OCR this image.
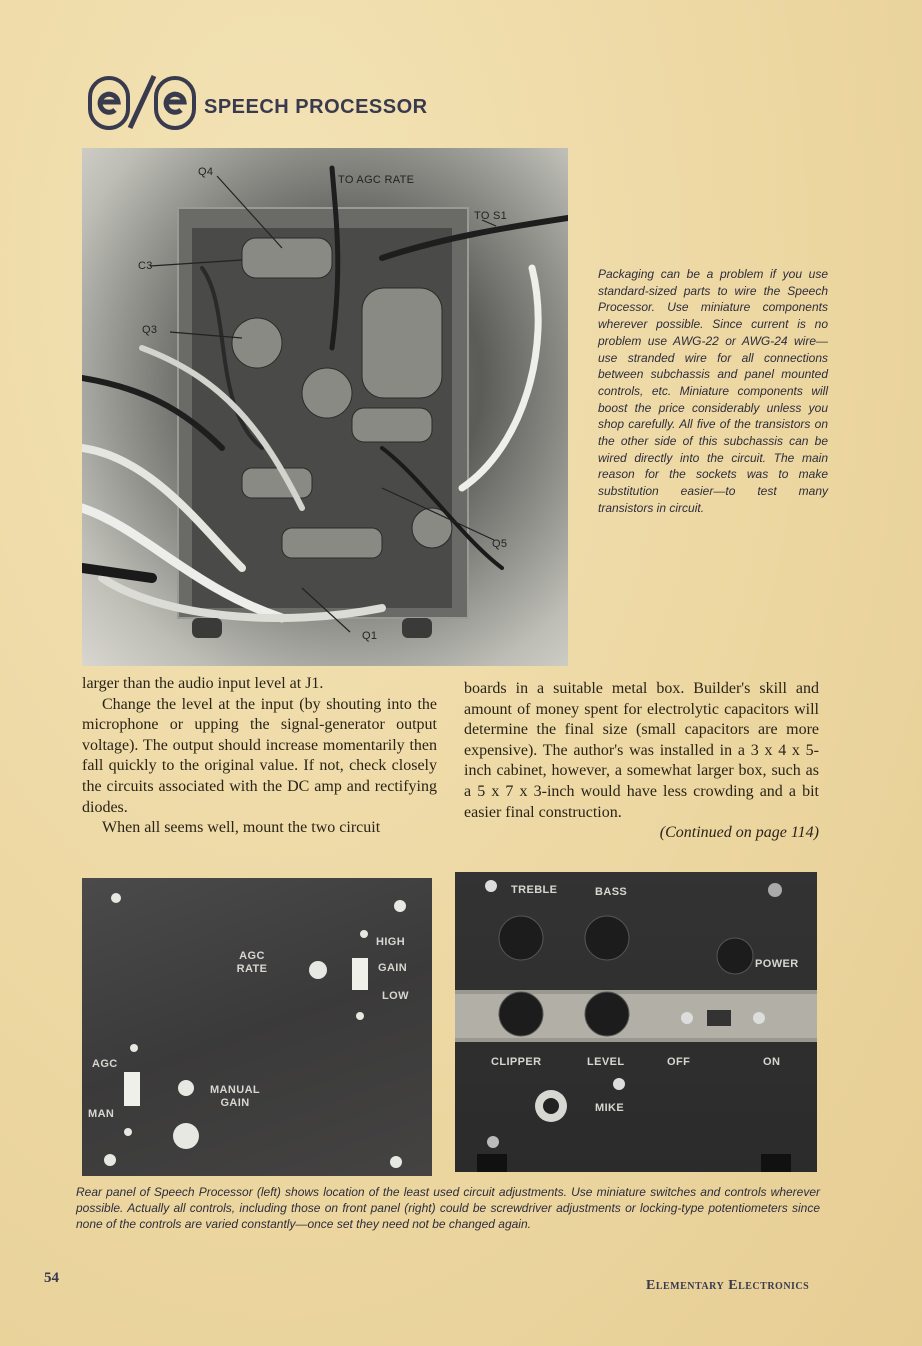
SPEECH PROCESSOR
Q4
TO AGC RATE
TO S1
C3
Q3
Q5
Q1
Packaging can be a problem if you use standard-sized parts to wire the Speech Processor. Use miniature components wherever possible. Since current is no problem use AWG-22 or AWG-24 wire—use stranded wire for all connections between subchassis and panel mounted controls, etc. Miniature components will boost the price considerably unless you shop carefully. All five of the transistors on the other side of this subchassis can be wired directly into the circuit. The main reason for the sockets was to make substitution easier—to test many transistors in circuit.

larger than the audio input level at J1.

Change the level at the input (by shouting into the microphone or upping the signal-generator output voltage). The output should increase momentarily then fall quickly to the original value. If not, check closely the circuits associated with the DC amp and rectifying diodes.

When all seems well, mount the two circuit

boards in a suitable metal box. Builder's skill and amount of money spent for electrolytic capacitors will determine the final size (small capacitors are more expensive). The author's was installed in a 3 x 4 x 5-inch cabinet, however, a somewhat larger box, such as a 5 x 7 x 3-inch would have less crowding and a bit easier final construction.

(Continued on page 114)

HIGH
AGC RATE	GAIN
LOW
AGC
MANUAL GAIN
MAN
TREBLE	BASS
POWER
CLIPPER	LEVEL	OFF	ON
MIKE
Rear panel of Speech Processor (left) shows location of the least used circuit adjustments. Use miniature switches and controls wherever possible. Actually all controls, including those on front panel (right) could be screwdriver adjustments or locking-type potentiometers since none of the controls are varied constantly—once set they need not be changed again.
54	Elementary Electronics
